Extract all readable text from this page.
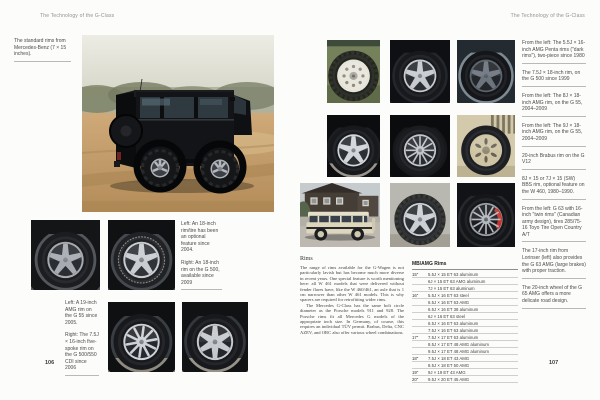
The Technology of the G-Class	The Technology of the G-Class
The standard rims from Mercedes-Benz (7 × 15 inches).
Left: An 18-inch rim/tire has been an optional feature since 2004.
Right: An 18-inch rim on the G 500, available since 2009
Left: A 19-inch AMG rim on the G 55 since 2005.
Right: The 7.5J × 16-inch five-spoke rim on the G 500/550 CDI since 2006
106
From the left: The 5.5J × 16-inch AMG Penta rims ("dark rims"), two-piece since 1980
The 7.5J × 18-inch rim, on the G 500 since 1999
From the left: The 8J × 18-inch AMG rim, on the G 55, 2004–2009
From the left: The 9J × 18-inch AMG rim, on the G 55, 2004–2009
20-inch Brabus rim on the G V12
8J × 15 or 7J × 15 (SW) BBS rim, optional feature on the W 460, 1980–1990.
From the left: G 63 with 16-inch "twin rims" (Canadian army design), tires 285/75-16 Toyo Tire Open Country A/T
The 17-inch rim from Lorinser (left) also provides the G 63 AMG (large brakes) with proper traction.
The 20-inch wheel of the G 65 AMG offers a more delicate road design.
Rims

The range of rims available for the G-Wagen is not particularly lavish but has become much more diverse in recent years. One special feature is worth mentioning here: all W 461 models that were delivered without fender flares have, like the W 460/461, an axle that is 1 cm narrower than other W 461 models. This is why spacers are required for retrofitting wider rims.

The Mercedes G-Class has the same bolt circle diameter as the Porsche models 911 and 928. The Porsche rims fit all Mercedes G models of the appropriate inch size. In Germany, of course, this requires an individual TÜV permit. Brabus, Delta, CNC AZEV, and ORC also offer various wheel combinations.

MB/AMG Rims
15"	5.5J × 15 ET 63 aluminum
6J × 15 ET 63 AMG aluminum
7J × 15 ET 63 aluminum
16"	5.5J × 16 ET 63 steel
6.5J × 16 ET 63 AMG
6.5J × 16 ET 38 aluminum
6J × 16 ET 63 steel
6.5J × 16 ET 63 aluminum
7.5J × 16 ET 63 aluminum
17"	7.5J × 17 ET 63 aluminum
8.5J × 17 ET 48 AMG aluminum
9.5J × 17 ET 48 AMG aluminum
18"	7.5J × 18 ET 43 AMG
8.5J × 18 ET 50 AMG
19"	9J × 19 ET 43 AMG
20"	9.5J × 20 ET 45 AMG
107
